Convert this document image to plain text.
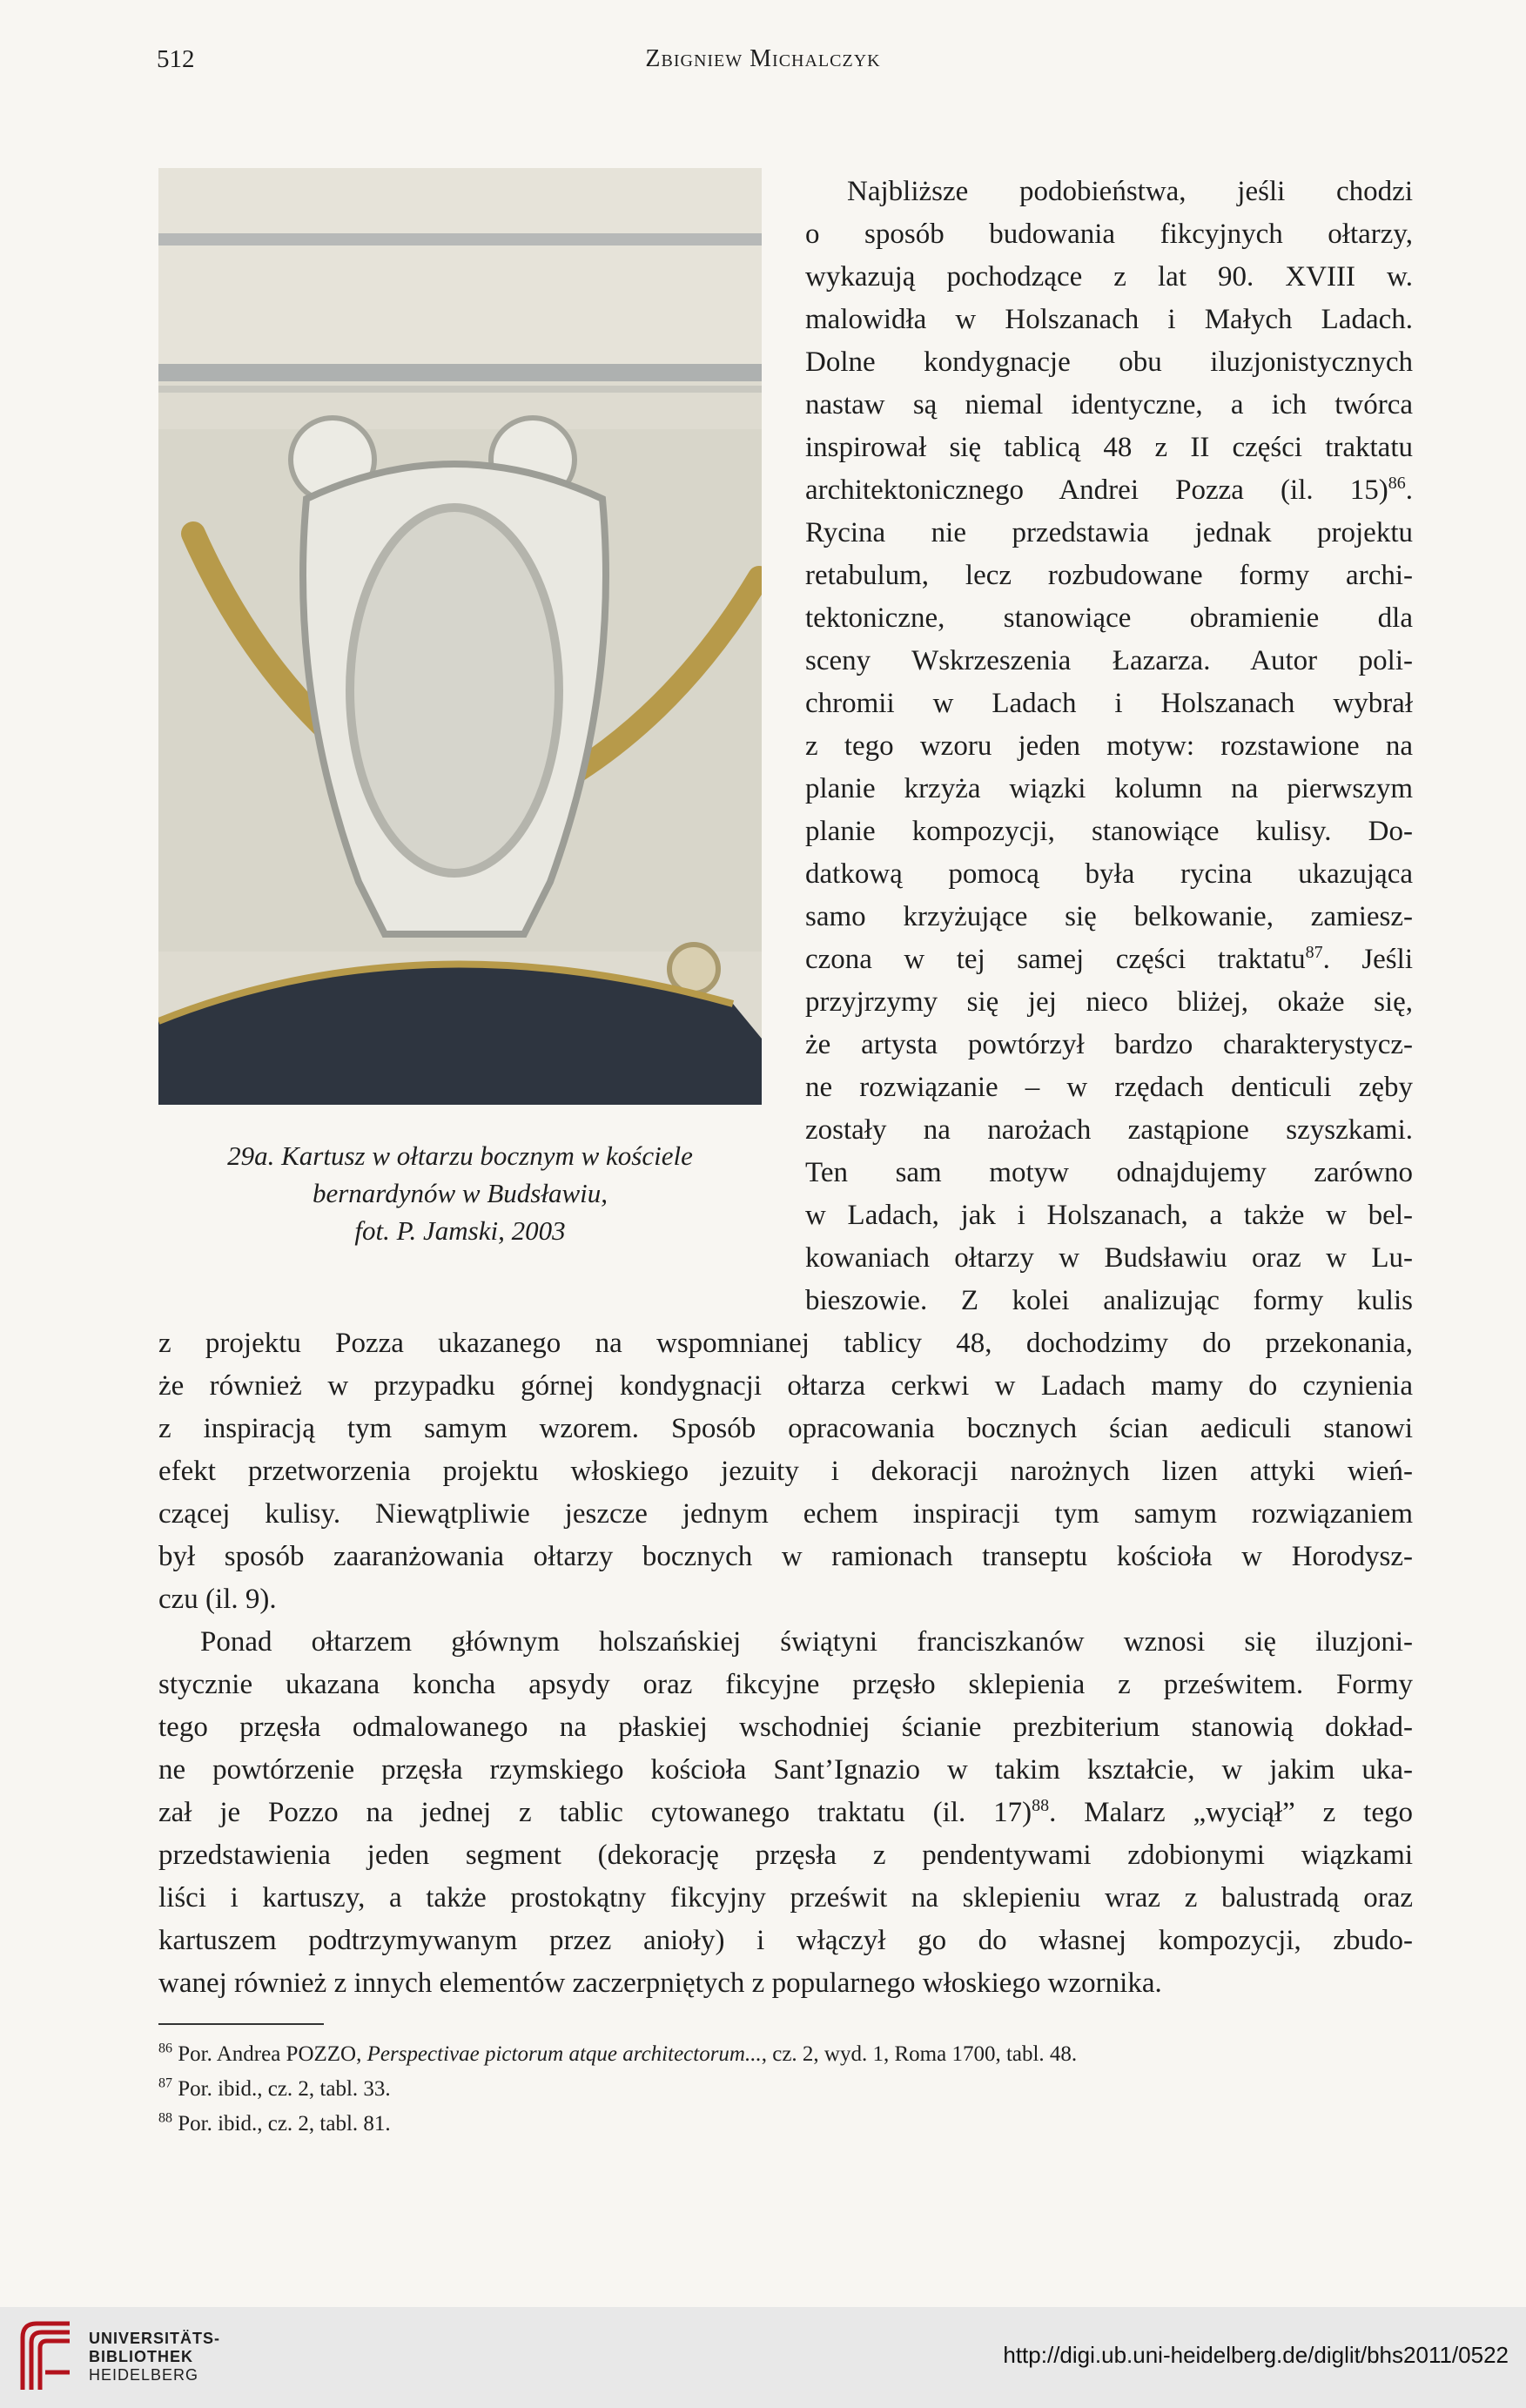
512	Zbigniew Michalczyk
29a. Kartusz w ołtarzu bocznym w kościele
bernardynów w Budsławiu,
fot. P. Jamski, 2003
Najbliższe podobieństwa, jeśli chodzi
o sposób budowania fikcyjnych ołtarzy,
wykazują pochodzące z lat 90. XVIII w.
malowidła w Holszanach i Małych Ladach.
Dolne kondygnacje obu iluzjonistycznych
nastaw są niemal identyczne, a ich twórca
inspirował się tablicą 48 z II części traktatu
architektonicznego Andrei Pozza (il. 15)$^{86}$.
Rycina nie przedstawia jednak projektu
retabulum, lecz rozbudowane formy archi-
tektoniczne, stanowiące obramienie dla
sceny Wskrzeszenia Łazarza. Autor poli-
chromii w Ladach i Holszanach wybrał
z tego wzoru jeden motyw: rozstawione na
planie krzyża wiązki kolumn na pierwszym
planie kompozycji, stanowiące kulisy. Do-
datkową pomocą była rycina ukazująca
samo krzyżujące się belkowanie, zamiesz-
czona w tej samej części traktatu$^{87}$. Jeśli
przyjrzymy się jej nieco bliżej, okaże się,
że artysta powtórzył bardzo charakterystycz-
ne rozwiązanie – w rzędach denticuli zęby
zostały na narożach zastąpione szyszkami.
Ten sam motyw odnajdujemy zarówno
w Ladach, jak i Holszanach, a także w bel-
kowaniach ołtarzy w Budsławiu oraz w Lu-
bieszowie. Z kolei analizując formy kulis
z projektu Pozza ukazanego na wspomnianej tablicy 48, dochodzimy do przekonania,
że również w przypadku górnej kondygnacji ołtarza cerkwi w Ladach mamy do czynienia
z inspiracją tym samym wzorem. Sposób opracowania bocznych ścian aediculi stanowi
efekt przetworzenia projektu włoskiego jezuity i dekoracji narożnych lizen attyki wień-
czącej kulisy. Niewątpliwie jeszcze jednym echem inspiracji tym samym rozwiązaniem
był sposób zaaranżowania ołtarzy bocznych w ramionach transeptu kościoła w Horodysz-
czu (il. 9).
Ponad ołtarzem głównym holszańskiej świątyni franciszkanów wznosi się iluzjoni-
stycznie ukazana koncha apsydy oraz fikcyjne przęsło sklepienia z prześwitem. Formy
tego przęsła odmalowanego na płaskiej wschodniej ścianie prezbiterium stanowią dokład-
ne powtórzenie przęsła rzymskiego kościoła Sant’Ignazio w takim kształcie, w jakim uka-
zał je Pozzo na jednej z tablic cytowanego traktatu (il. 17)$^{88}$. Malarz „wyciął” z tego
przedstawienia jeden segment (dekorację przęsła z pendentywami zdobionymi wiązkami
liści i kartuszy, a także prostokątny fikcyjny prześwit na sklepieniu wraz z balustradą oraz
kartuszem podtrzymywanym przez anioły) i włączył go do własnej kompozycji, zbudo-
wanej również z innych elementów zaczerpniętych z popularnego włoskiego wzornika.
$^{86}$ Por. Andrea POZZO, Perspectivae pictorum atque architectorum..., cz. 2, wyd. 1, Roma 1700, tabl. 48.
$^{87}$ Por. ibid., cz. 2, tabl. 33.
$^{88}$ Por. ibid., cz. 2, tabl. 81.
UNIVERSITÄTS-
BIBLIOTHEK
HEIDELBERG
http://digi.ub.uni-heidelberg.de/diglit/bhs2011/0522
